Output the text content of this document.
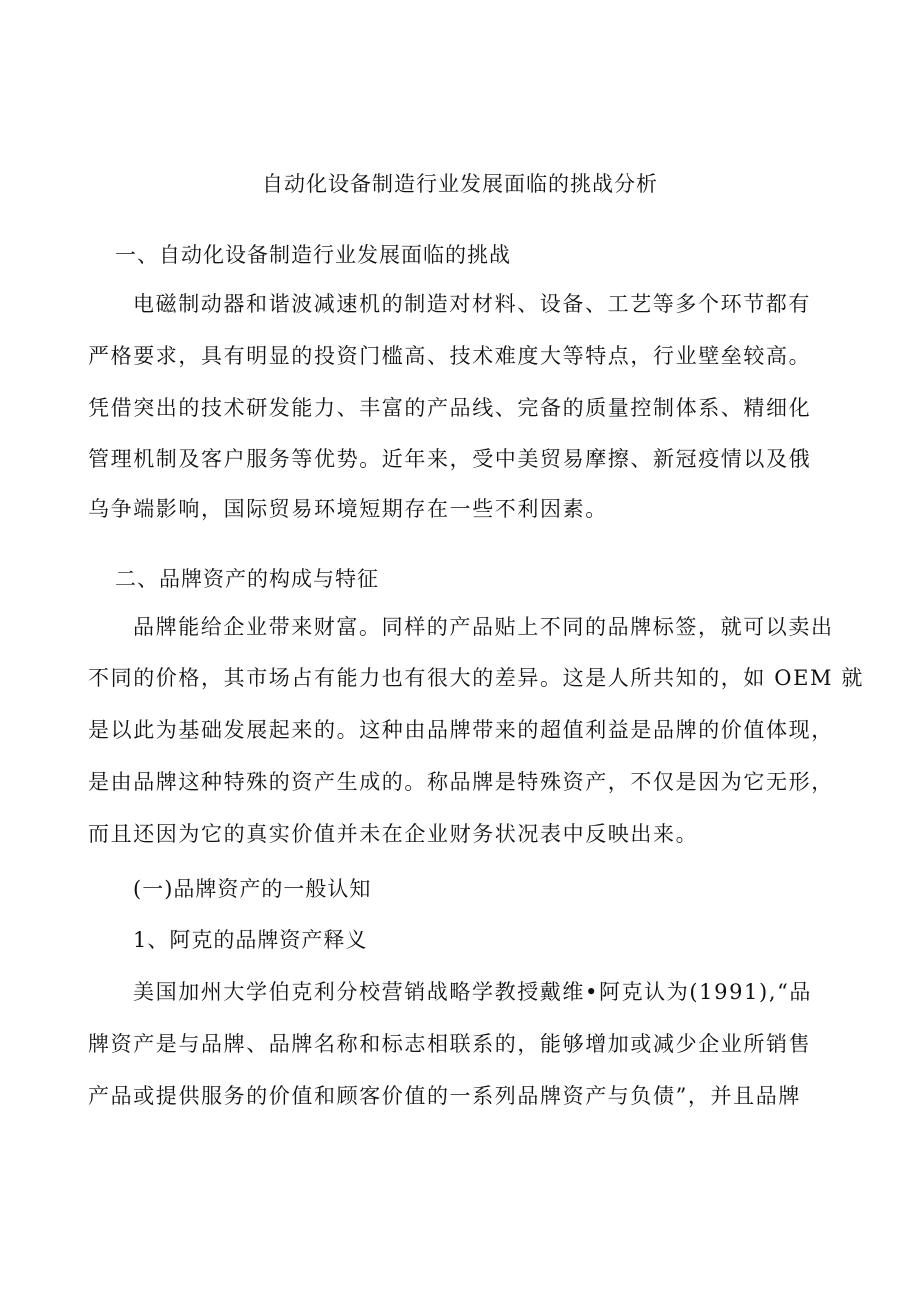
自动化设备制造行业发展面临的挑战分析
一、自动化设备制造行业发展面临的挑战
电磁制动器和谐波减速机的制造对材料、设备、工艺等多个环节都有
严格要求，具有明显的投资门槛高、技术难度大等特点，行业壁垒较高。
凭借突出的技术研发能力、丰富的产品线、完备的质量控制体系、精细化
管理机制及客户服务等优势。近年来，受中美贸易摩擦、新冠疫情以及俄
乌争端影响，国际贸易环境短期存在一些不利因素。
二、品牌资产的构成与特征
品牌能给企业带来财富。同样的产品贴上不同的品牌标签，就可以卖出
不同的价格，其市场占有能力也有很大的差异。这是人所共知的，如 OEM 就
是以此为基础发展起来的。这种由品牌带来的超值利益是品牌的价值体现，
是由品牌这种特殊的资产生成的。称品牌是特殊资产，不仅是因为它无形，
而且还因为它的真实价值并未在企业财务状况表中反映出来。
(一)品牌资产的一般认知
1、阿克的品牌资产释义
美国加州大学伯克利分校营销战略学教授戴维•阿克认为(1991),“品
牌资产是与品牌、品牌名称和标志相联系的，能够增加或减少企业所销售
产品或提供服务的价值和顾客价值的一系列品牌资产与负债”，并且品牌
